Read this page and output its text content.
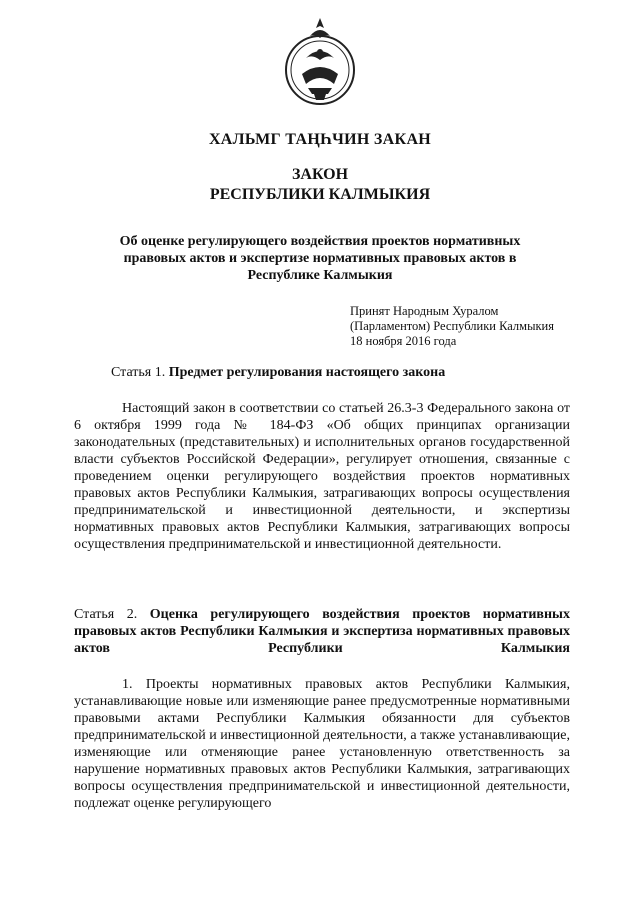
ХАЛЬМГ ТАҢҺЧИН ЗАКАН
ЗАКОН
РЕСПУБЛИКИ КАЛМЫКИЯ
Об оценке регулирующего воздействия проектов нормативных правовых актов и экспертизе нормативных правовых актов в Республике Калмыкия
Принят Народным Хуралом
(Парламентом) Республики Калмыкия
18 ноября 2016 года
Статья 1. Предмет регулирования настоящего закона
Настоящий закон в соответствии со статьей 26.3-3 Федерального закона от 6 октября 1999 года № 184-ФЗ «Об общих принципах организации законодательных (представительных) и исполнительных органов государственной власти субъектов Российской Федерации», регулирует отношения, связанные с проведением оценки регулирующего воздействия проектов нормативных правовых актов Республики Калмыкия, затрагивающих вопросы осуществления предпринимательской и инвестиционной деятельности, и экспертизы нормативных правовых актов Республики Калмыкия, затрагивающих вопросы осуществления предпринимательской и инвестиционной деятельности.
Статья 2. Оценка регулирующего воздействия проектов нормативных правовых актов Республики Калмыкия и экспертиза нормативных правовых актов Республики Калмыкия
1. Проекты нормативных правовых актов Республики Калмыкия, устанавливающие новые или изменяющие ранее предусмотренные нормативными правовыми актами Республики Калмыкия обязанности для субъектов предпринимательской и инвестиционной деятельности, а также устанавливающие, изменяющие или отменяющие ранее установленную ответственность за нарушение нормативных правовых актов Республики Калмыкия, затрагивающих вопросы осуществления предпринимательской и инвестиционной деятельности, подлежат оценке регулирующего
